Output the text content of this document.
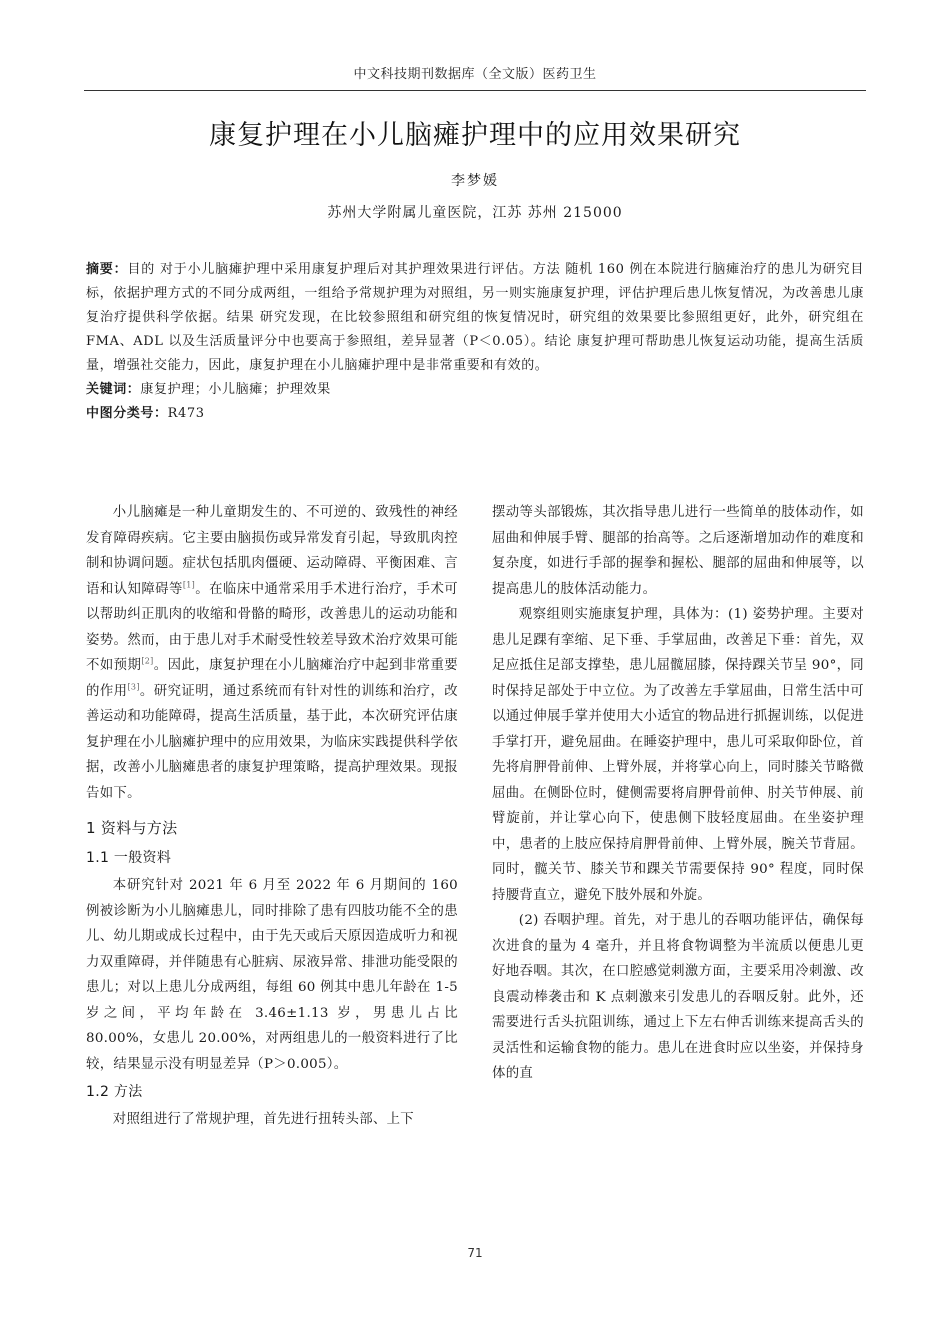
中文科技期刊数据库（全文版）医药卫生
康复护理在小儿脑瘫护理中的应用效果研究
李梦媛
苏州大学附属儿童医院，江苏 苏州 215000

摘要：目的 对于小儿脑瘫护理中采用康复护理后对其护理效果进行评估。方法 随机 160 例在本院进行脑瘫治疗的患儿为研究目标，依据护理方式的不同分成两组，一组给予常规护理为对照组，另一则实施康复护理，评估护理后患儿恢复情况，为改善患儿康复治疗提供科学依据。结果 研究发现，在比较参照组和研究组的恢复情况时，研究组的效果要比参照组更好，此外，研究组在 FMA、ADL 以及生活质量评分中也要高于参照组，差异显著（P＜0.05）。结论 康复护理可帮助患儿恢复运动功能，提高生活质量，增强社交能力，因此，康复护理在小儿脑瘫护理中是非常重要和有效的。

关键词：康复护理；小儿脑瘫；护理效果

中图分类号：R473

小儿脑瘫是一种儿童期发生的、不可逆的、致残性的神经发育障碍疾病。它主要由脑损伤或异常发育引起，导致肌肉控制和协调问题。症状包括肌肉僵硬、运动障碍、平衡困难、言语和认知障碍等[1]。在临床中通常采用手术进行治疗，手术可以帮助纠正肌肉的收缩和骨骼的畸形，改善患儿的运动功能和姿势。然而，由于患儿对手术耐受性较差导致术治疗效果可能不如预期[2]。因此，康复护理在小儿脑瘫治疗中起到非常重要的作用[3]。研究证明，通过系统而有针对性的训练和治疗，改善运动和功能障碍，提高生活质量，基于此，本次研究评估康复护理在小儿脑瘫护理中的应用效果，为临床实践提供科学依据，改善小儿脑瘫患者的康复护理策略，提高护理效果。现报告如下。

1 资料与方法
1.1 一般资料

本研究针对 2021 年 6 月至 2022 年 6 月期间的 160 例被诊断为小儿脑瘫患儿，同时排除了患有四肢功能不全的患儿、幼儿期或成长过程中，由于先天或后天原因造成听力和视力双重障碍，并伴随患有心脏病、尿液异常、排泄功能受限的患儿；对以上患儿分成两组，每组 60 例其中患儿年龄在 1-5 岁之间，平均年龄在 3.46±1.13 岁，男患儿占比 80.00%，女患儿 20.00%，对两组患儿的一般资料进行了比较，结果显示没有明显差异（P＞0.005）。

1.2 方法

对照组进行了常规护理，首先进行扭转头部、上下

摆动等头部锻炼，其次指导患儿进行一些简单的肢体动作，如屈曲和伸展手臂、腿部的抬高等。之后逐渐增加动作的难度和复杂度，如进行手部的握拳和握松、腿部的屈曲和伸展等，以提高患儿的肢体活动能力。

观察组则实施康复护理，具体为：(1) 姿势护理。主要对患儿足踝有挛缩、足下垂、手掌屈曲，改善足下垂：首先，双足应抵住足部支撑垫，患儿屈髋屈膝，保持踝关节呈 90°，同时保持足部处于中立位。为了改善左手掌屈曲，日常生活中可以通过伸展手掌并使用大小适宜的物品进行抓握训练，以促进手掌打开，避免屈曲。在睡姿护理中，患儿可采取仰卧位，首先将肩胛骨前伸、上臂外展，并将掌心向上，同时膝关节略微屈曲。在侧卧位时，健侧需要将肩胛骨前伸、肘关节伸展、前臂旋前，并让掌心向下，使患侧下肢轻度屈曲。在坐姿护理中，患者的上肢应保持肩胛骨前伸、上臂外展，腕关节背屈。同时，髋关节、膝关节和踝关节需要保持 90° 程度，同时保持腰背直立，避免下肢外展和外旋。

(2) 吞咽护理。首先，对于患儿的吞咽功能评估，确保每次进食的量为 4 毫升，并且将食物调整为半流质以便患儿更好地吞咽。其次，在口腔感觉刺激方面，主要采用冷刺激、改良震动棒袭击和 K 点刺激来引发患儿的吞咽反射。此外，还需要进行舌头抗阻训练，通过上下左右伸舌训练来提高舌头的灵活性和运输食物的能力。患儿在进食时应以坐姿，并保持身体的直

71
